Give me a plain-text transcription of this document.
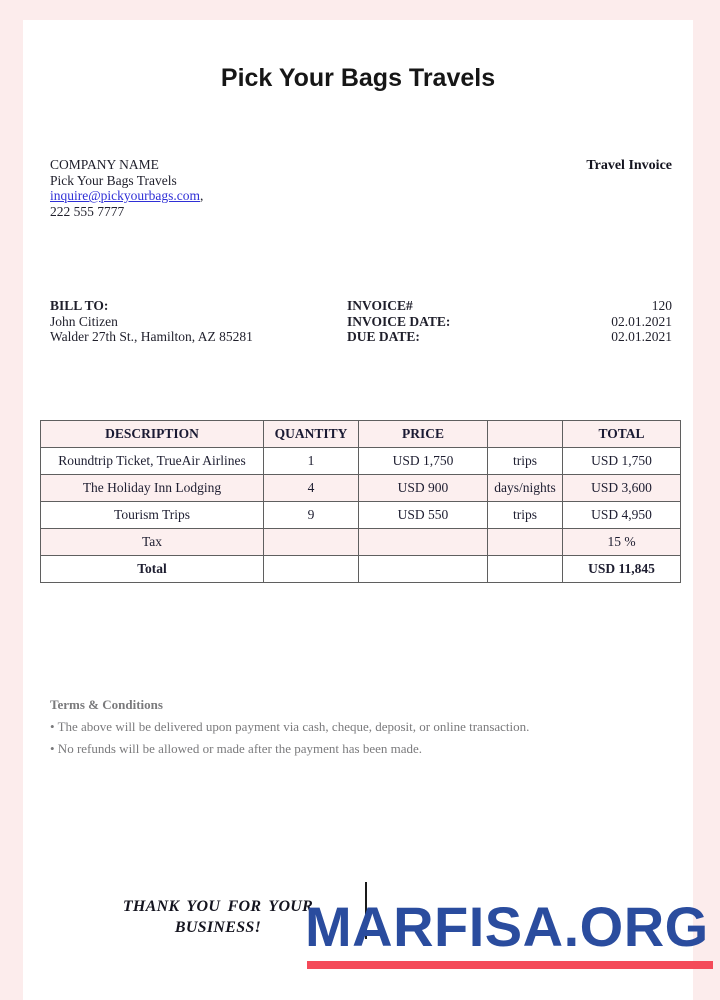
Pick Your Bags Travels
COMPANY NAME
Pick Your Bags Travels
inquire@pickyourbags.com,
222 555 7777
Travel Invoice
BILL TO:
John Citizen
Walder 27th St., Hamilton, AZ 85281
INVOICE#	120
INVOICE DATE:	02.01.2021
DUE DATE:	02.01.2021
DESCRIPTION	QUANTITY	PRICE		TOTAL
Roundtrip Ticket, TrueAir Airlines	1	USD 1,750	trips	USD 1,750
The Holiday Inn Lodging	4	USD 900	days/nights	USD 3,600
Tourism Trips	9	USD 550	trips	USD 4,950
Tax				15 %
Total				USD 11,845
Terms & Conditions
• The above will be delivered upon payment via cash, cheque, deposit, or online transaction.
• No refunds will be allowed or made after the payment has been made.
THANK YOU FOR YOUR
BUSINESS! MARFISA.ORG
